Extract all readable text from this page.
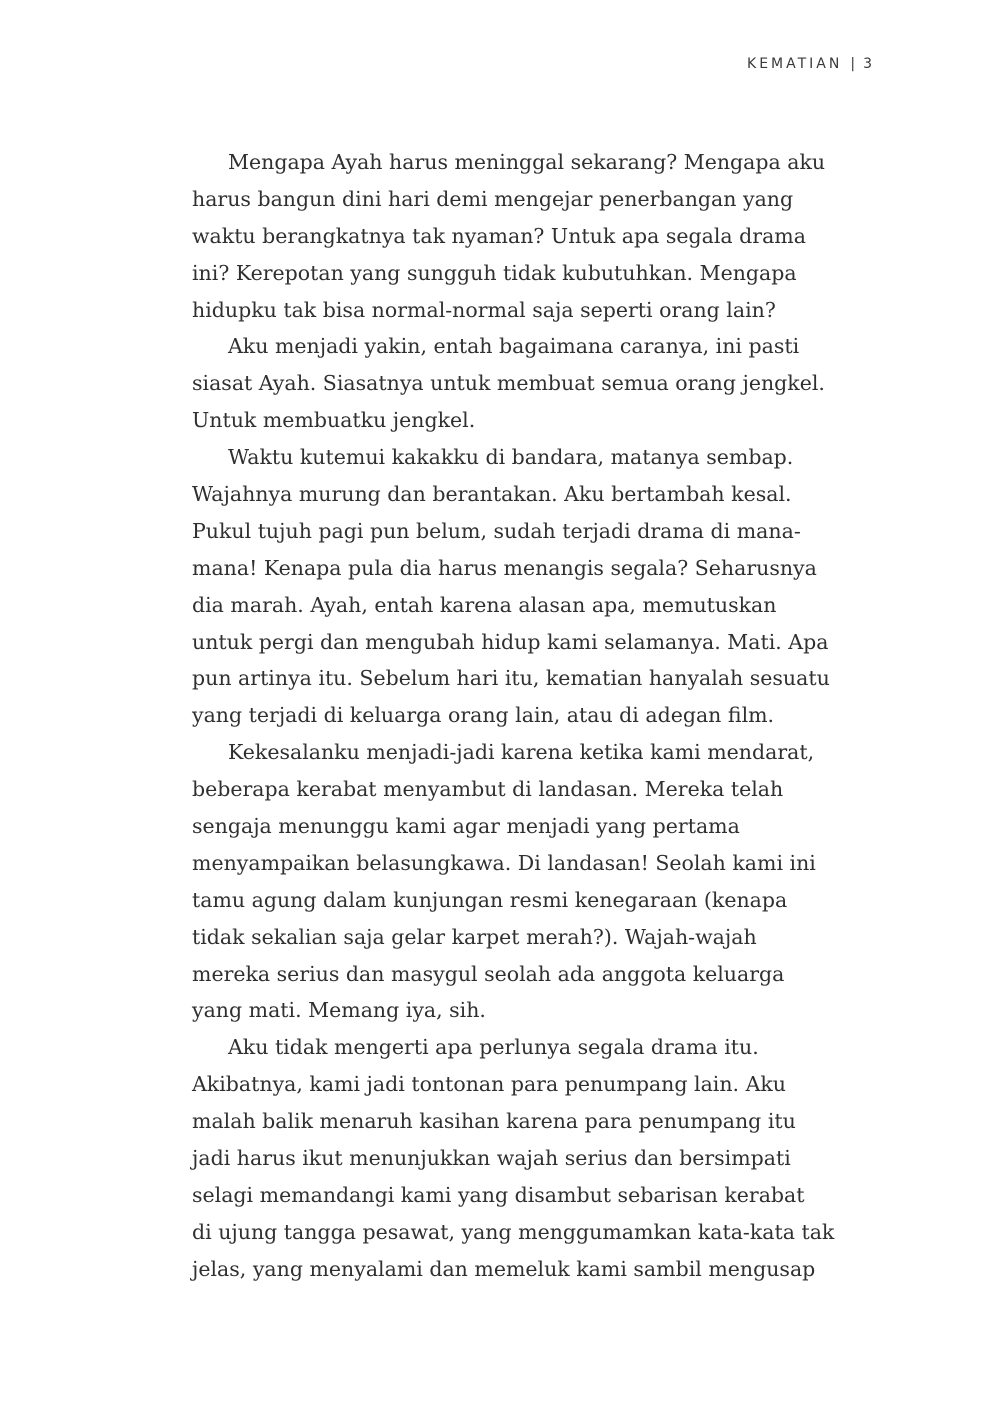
KEMATIAN | 3
Mengapa Ayah harus meninggal sekarang? Mengapa aku
harus bangun dini hari demi mengejar penerbangan yang
waktu berangkatnya tak nyaman? Untuk apa segala drama
ini? Kerepotan yang sungguh tidak kubutuhkan. Mengapa
hidupku tak bisa normal-normal saja seperti orang lain?
Aku menjadi yakin, entah bagaimana caranya, ini pasti
siasat Ayah. Siasatnya untuk membuat semua orang jengkel.
Untuk membuatku jengkel.
Waktu kutemui kakakku di bandara, matanya sembap.
Wajahnya murung dan berantakan. Aku bertambah kesal.
Pukul tujuh pagi pun belum, sudah terjadi drama di mana-
mana! Kenapa pula dia harus menangis segala? Seharusnya
dia marah. Ayah, entah karena alasan apa, memutuskan
untuk pergi dan mengubah hidup kami selamanya. Mati. Apa
pun artinya itu. Sebelum hari itu, kematian hanyalah sesuatu
yang terjadi di keluarga orang lain, atau di adegan film.
Kekesalanku menjadi-jadi karena ketika kami mendarat,
beberapa kerabat menyambut di landasan. Mereka telah
sengaja menunggu kami agar menjadi yang pertama
menyampaikan belasungkawa. Di landasan! Seolah kami ini
tamu agung dalam kunjungan resmi kenegaraan (kenapa
tidak sekalian saja gelar karpet merah?). Wajah-wajah
mereka serius dan masygul seolah ada anggota keluarga
yang mati. Memang iya, sih.
Aku tidak mengerti apa perlunya segala drama itu.
Akibatnya, kami jadi tontonan para penumpang lain. Aku
malah balik menaruh kasihan karena para penumpang itu
jadi harus ikut menunjukkan wajah serius dan bersimpati
selagi memandangi kami yang disambut sebarisan kerabat
di ujung tangga pesawat, yang menggumamkan kata-kata tak
jelas, yang menyalami dan memeluk kami sambil mengusap
